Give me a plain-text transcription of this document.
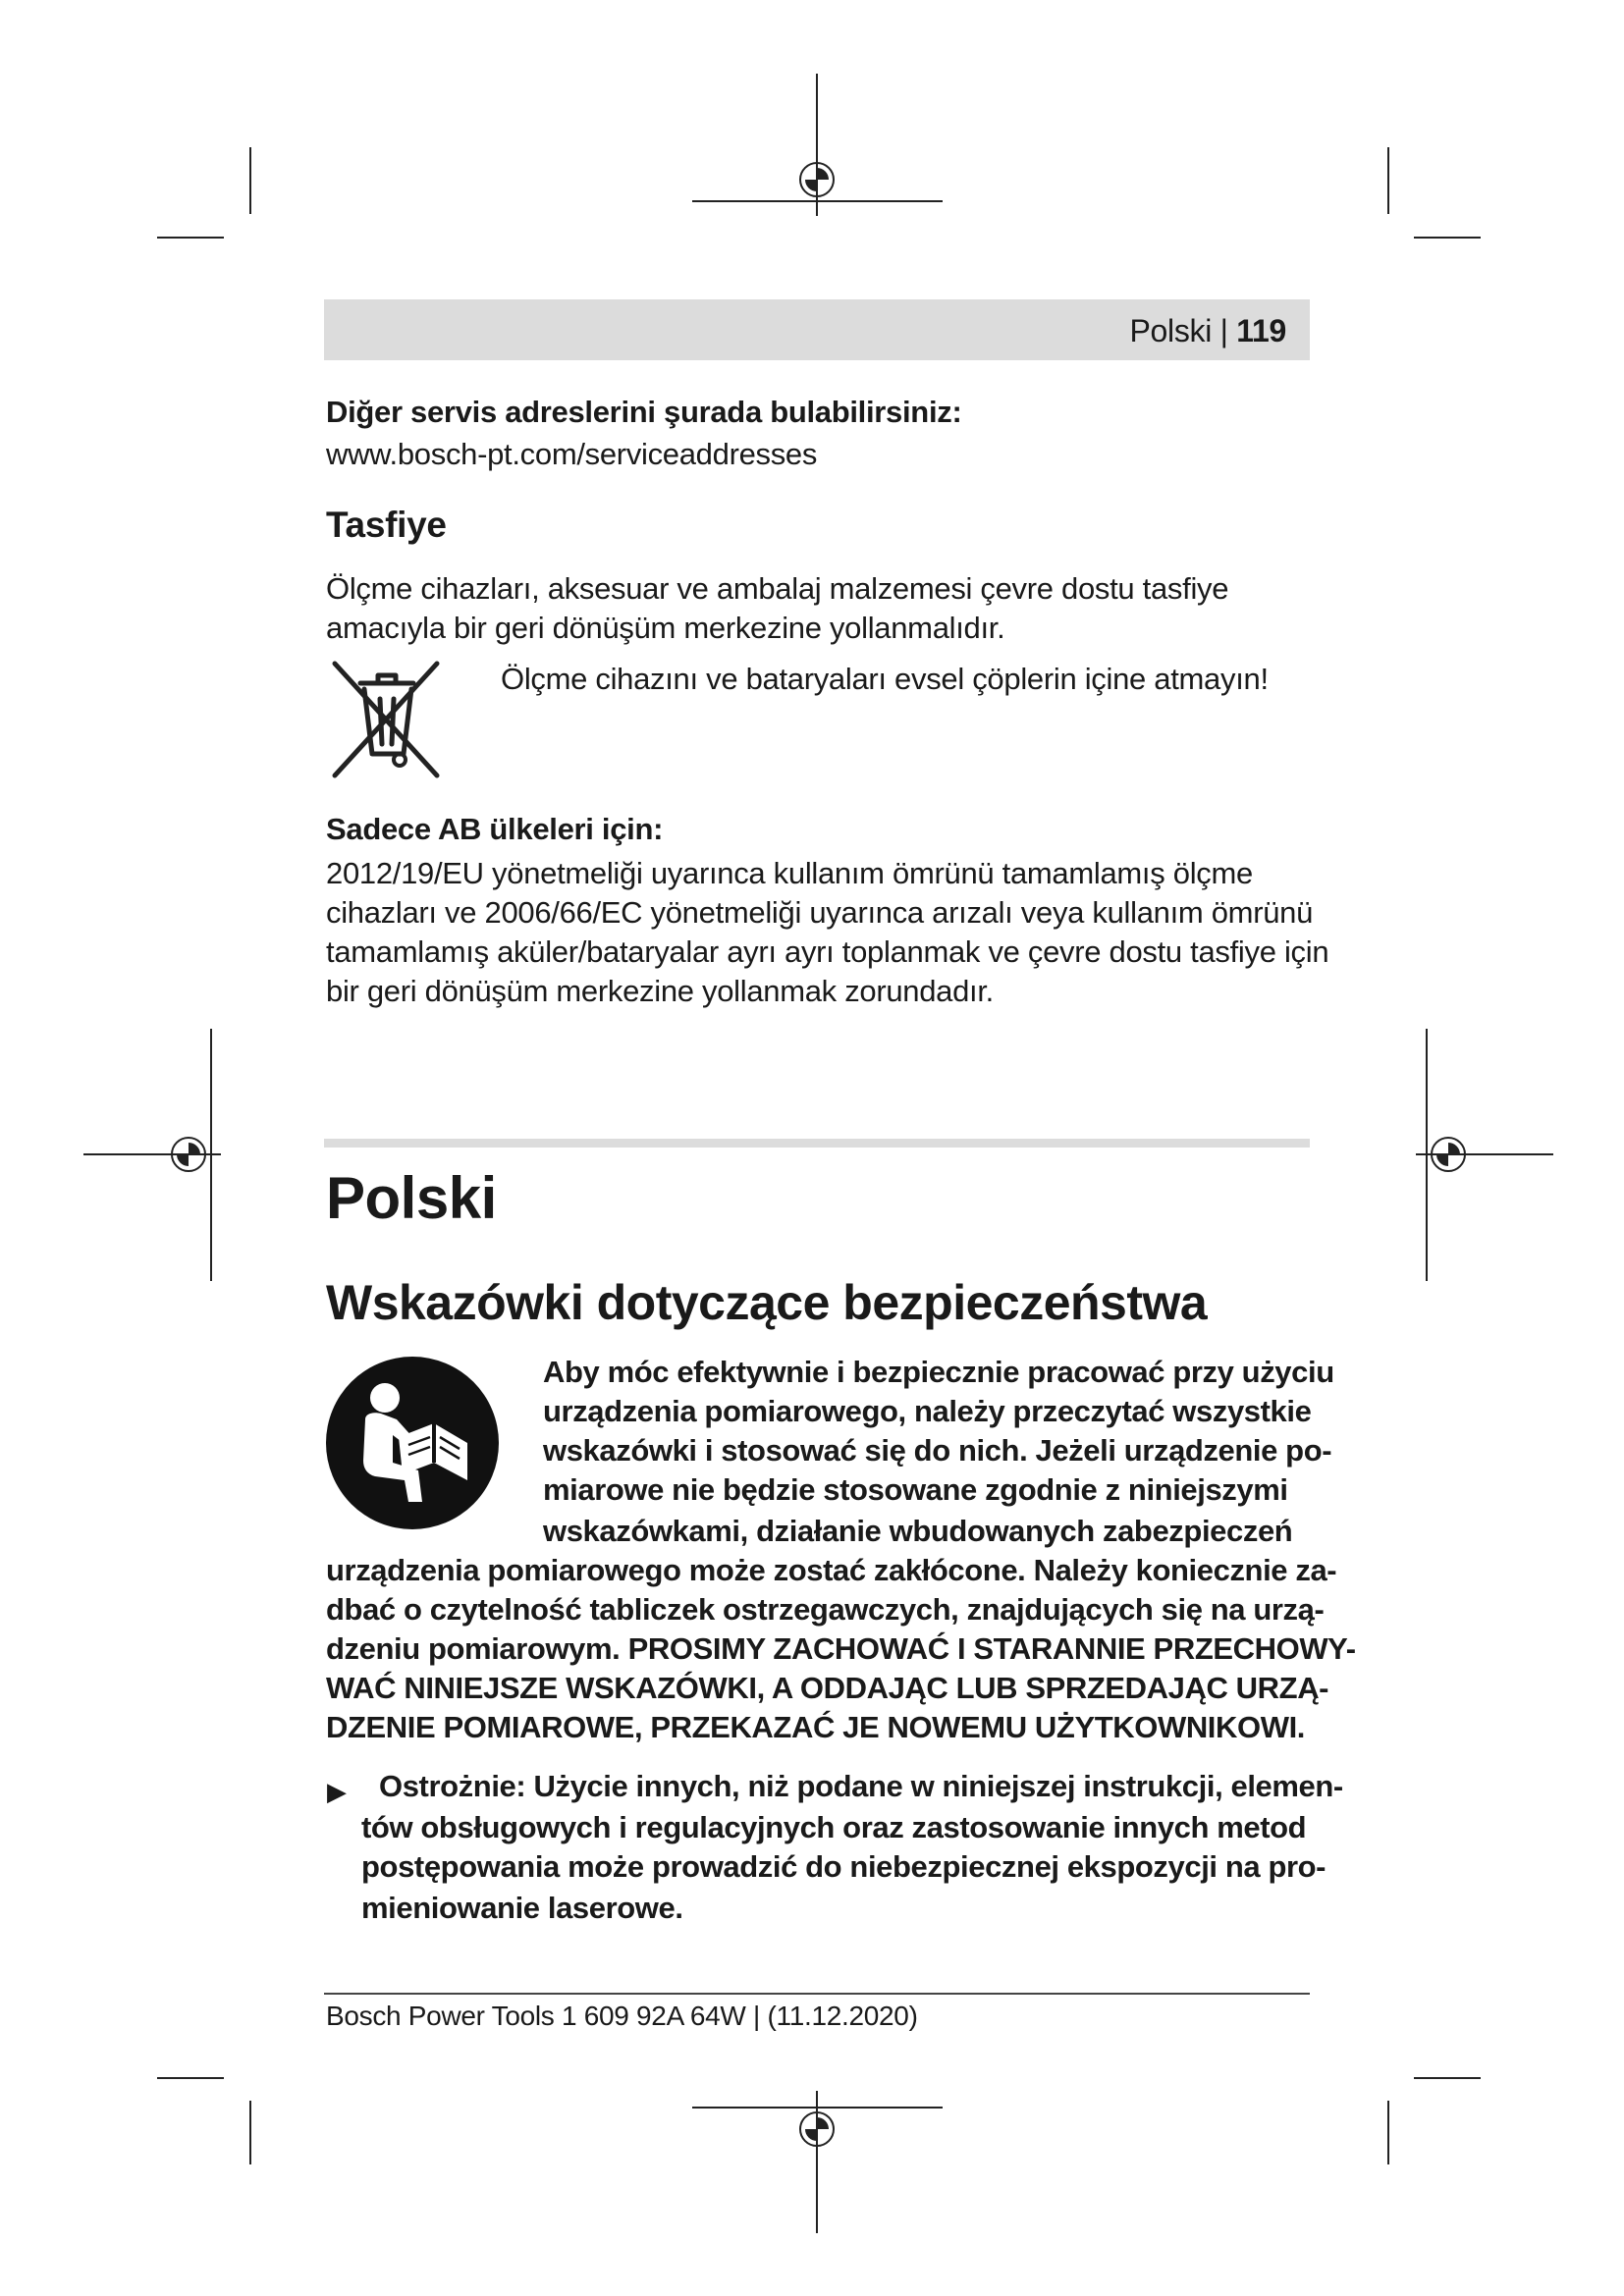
Polski | 119
Diğer servis adreslerini şurada bulabilirsiniz:
www.bosch-pt.com/serviceaddresses
Tasfiye
Ölçme cihazları, aksesuar ve ambalaj malzemesi çevre dostu tasfiye
amacıyla bir geri dönüşüm merkezine yollanmalıdır.
Ölçme cihazını ve bataryaları evsel çöplerin içine atmayın!
Sadece AB ülkeleri için:
2012/19/EU yönetmeliği uyarınca kullanım ömrünü tamamlamış ölçme
cihazları ve 2006/66/EC yönetmeliği uyarınca arızalı veya kullanım ömrünü
tamamlamış aküler/bataryalar ayrı ayrı toplanmak ve çevre dostu tasfiye için
bir geri dönüşüm merkezine yollanmak zorundadır.
Polski
Wskazówki dotyczące bezpieczeństwa
Aby móc efektywnie i bezpiecznie pracować przy użyciu
urządzenia pomiarowego, należy przeczytać wszystkie
wskazówki i stosować się do nich. Jeżeli urządzenie po-
miarowe nie będzie stosowane zgodnie z niniejszymi
wskazówkami, działanie wbudowanych zabezpieczeń
urządzenia pomiarowego może zostać zakłócone. Należy koniecznie za-
dbać o czytelność tabliczek ostrzegawczych, znajdujących się na urzą-
dzeniu pomiarowym. PROSIMY ZACHOWAĆ I STARANNIE PRZECHOWY-
WAĆ NINIEJSZE WSKAZÓWKI, A ODDAJĄC LUB SPRZEDAJĄC URZĄ-
DZENIE POMIAROWE, PRZEKAZAĆ JE NOWEMU UŻYTKOWNIKOWI.
▶ Ostrożnie: Użycie innych, niż podane w niniejszej instrukcji, elemen-
tów obsługowych i regulacyjnych oraz zastosowanie innych metod
postępowania może prowadzić do niebezpiecznej ekspozycji na pro-
mieniowanie laserowe.
Bosch Power Tools 1 609 92A 64W | (11.12.2020)
